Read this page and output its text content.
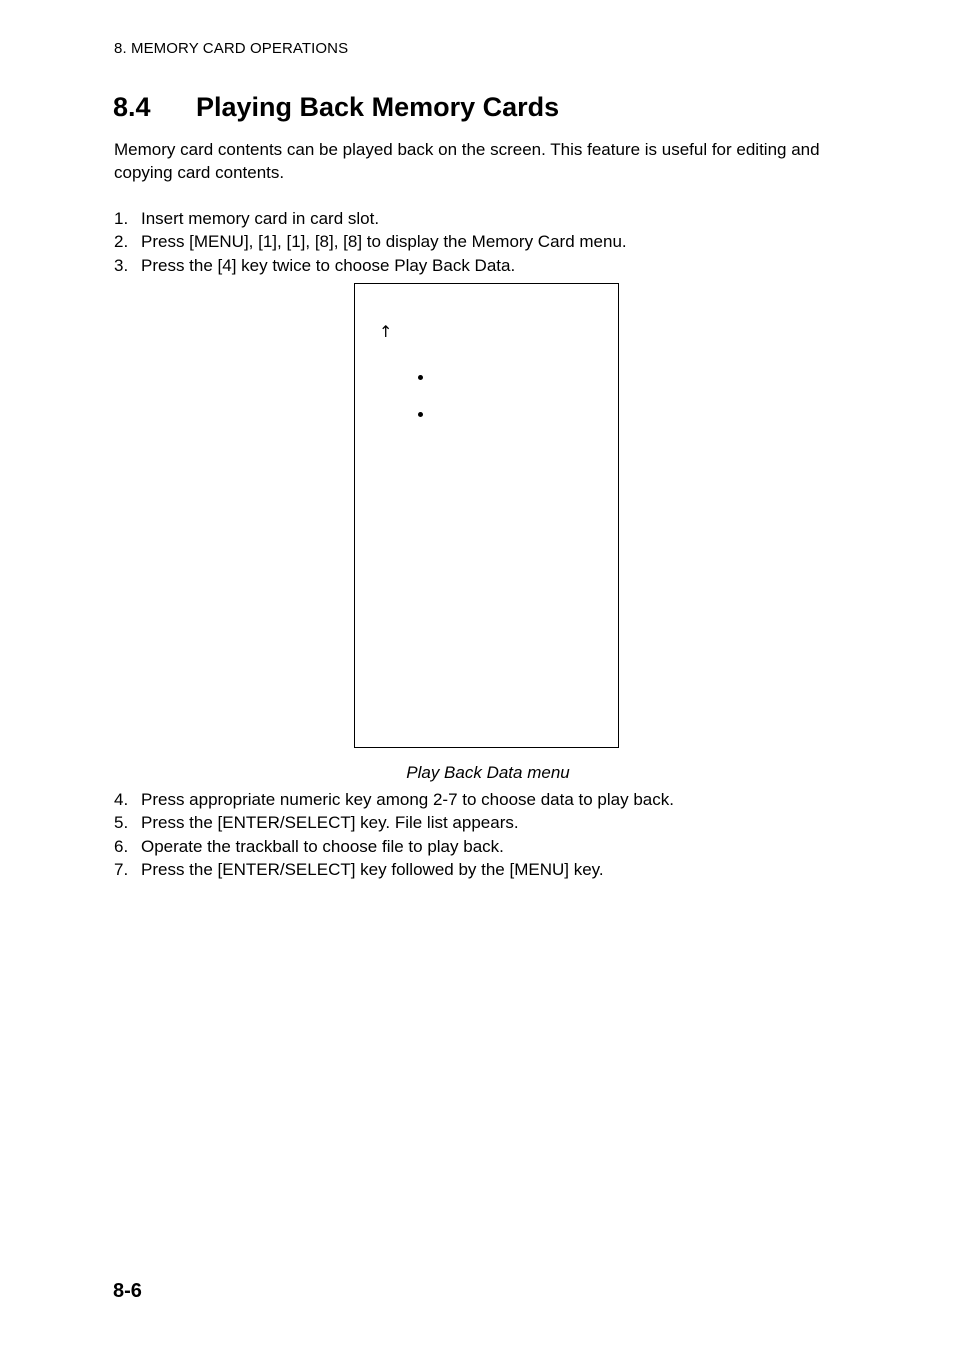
8. MEMORY CARD OPERATIONS
8.4 Playing Back Memory Cards

Memory card contents can be played back on the screen. This feature is useful for editing and copying card contents.

1. Insert memory card in card slot.
2. Press [MENU], [1], [1], [8], [8] to display the Memory Card menu.
3. Press the [4] key twice to choose Play Back Data.
↑
Play Back Data menu
4. Press appropriate numeric key among 2-7 to choose data to play back.
5. Press the [ENTER/SELECT] key. File list appears.
6. Operate the trackball to choose file to play back.
7. Press the [ENTER/SELECT] key followed by the [MENU] key.
8-6
